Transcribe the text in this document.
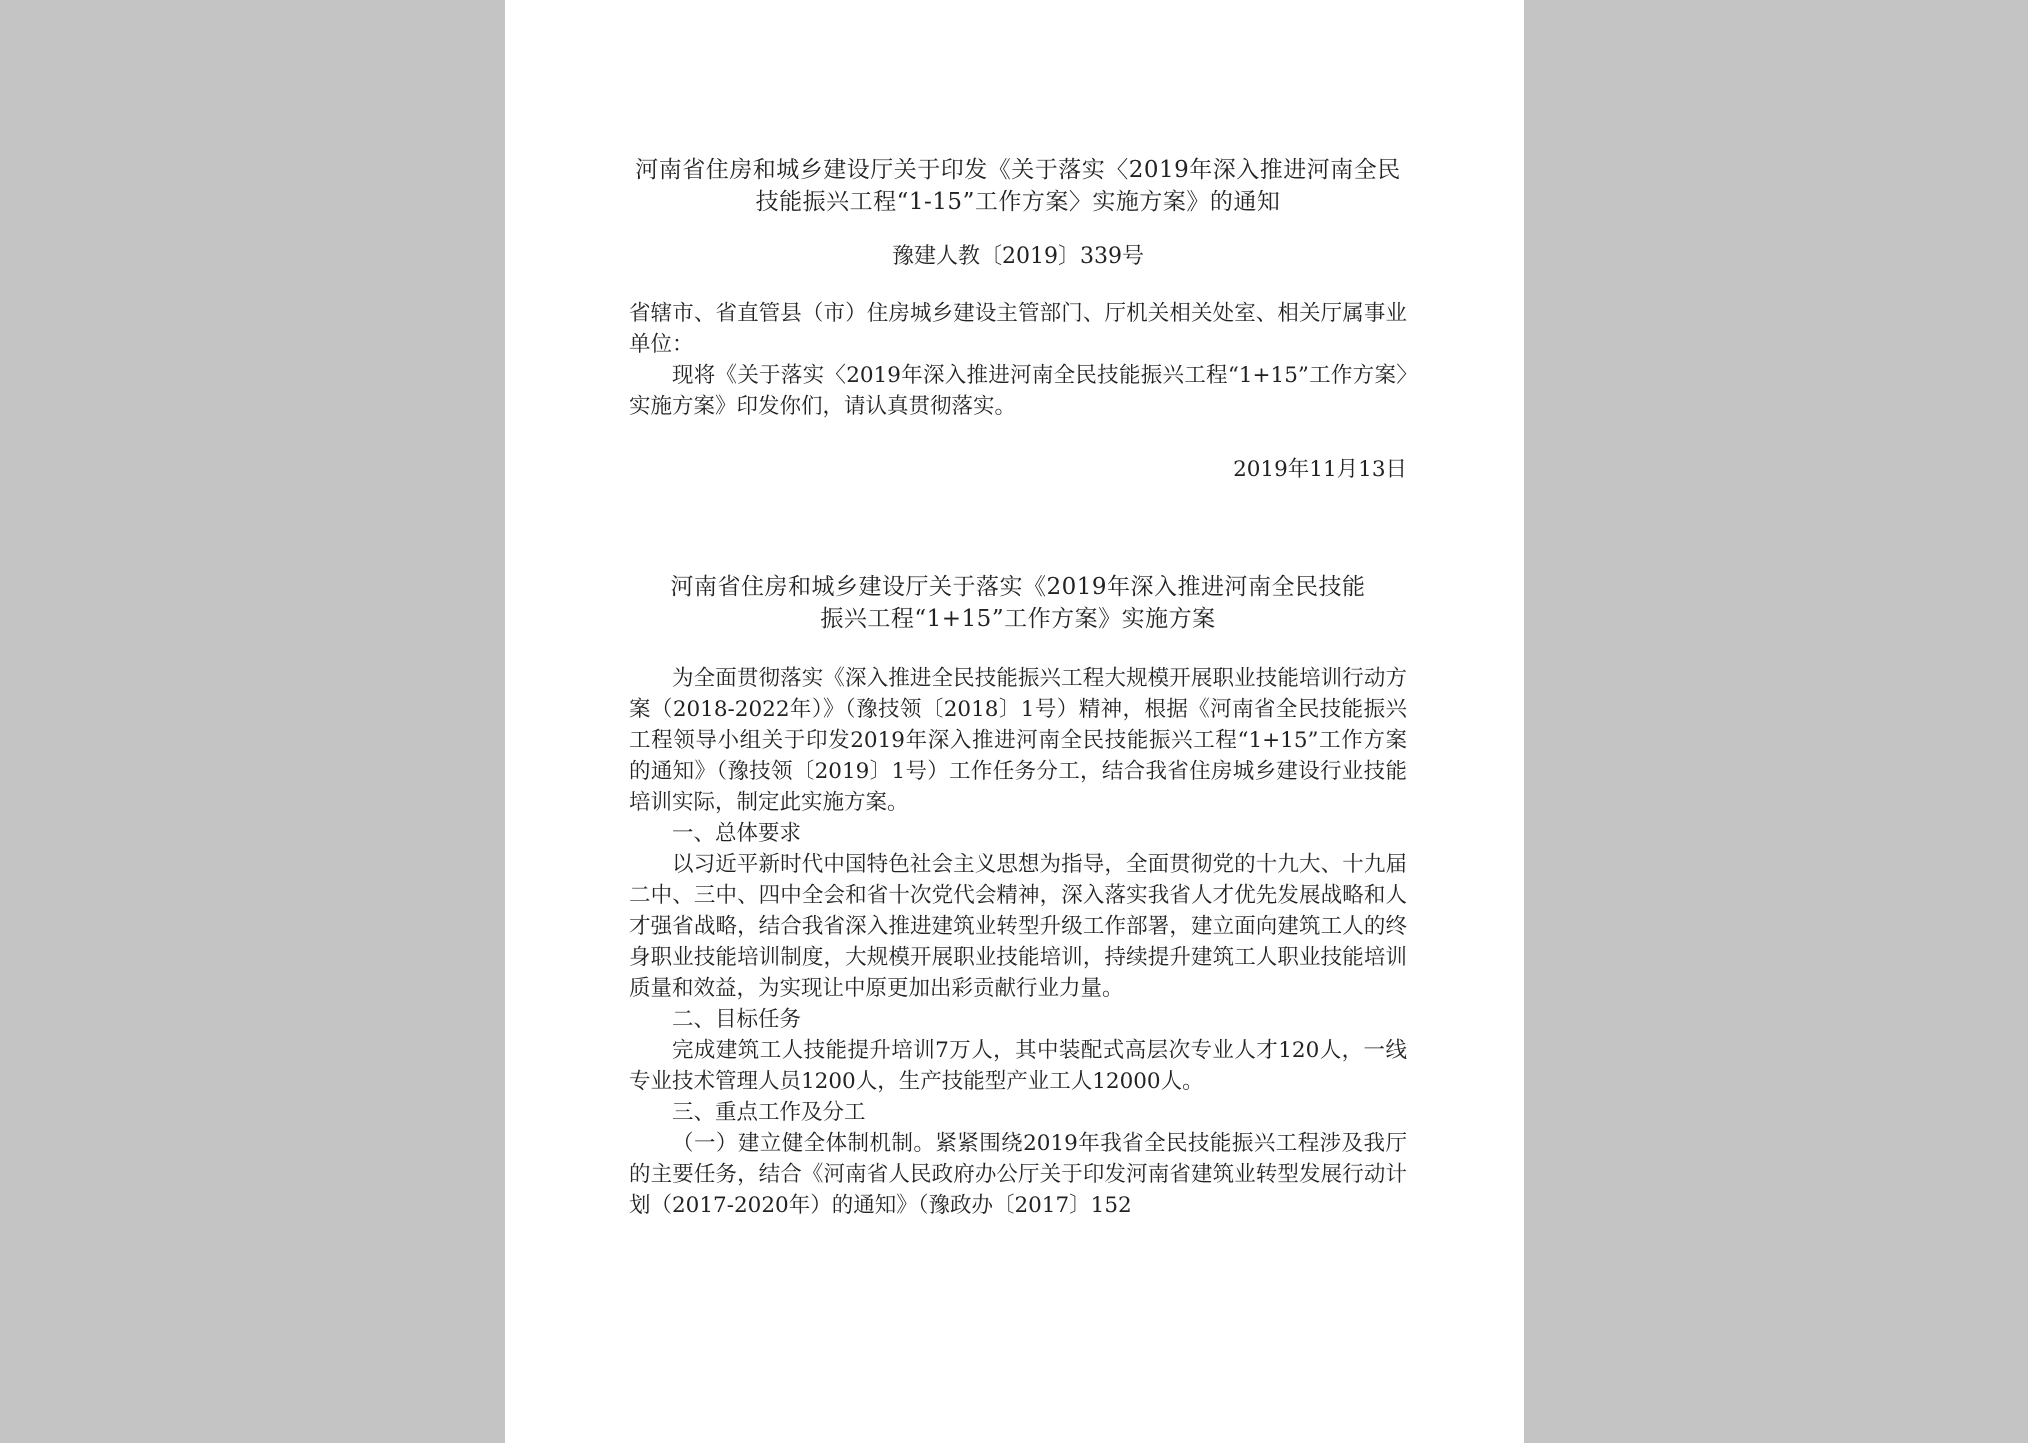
河南省住房和城乡建设厅关于印发《关于落实〈2019年深入推进河南全民

技能振兴工程“1-15”工作方案〉实施方案》的通知

豫建人教〔2019〕339号

省辖市、省直管县（市）住房城乡建设主管部门、厅机关相关处室、相关厅属事业单位：

现将《关于落实〈2019年深入推进河南全民技能振兴工程“1+15”工作方案〉实施方案》印发你们，请认真贯彻落实。

2019年11月13日

河南省住房和城乡建设厅关于落实《2019年深入推进河南全民技能

振兴工程“1+15”工作方案》实施方案

为全面贯彻落实《深入推进全民技能振兴工程大规模开展职业技能培训行动方案（2018-2022年）》（豫技领〔2018〕1号）精神，根据《河南省全民技能振兴工程领导小组关于印发2019年深入推进河南全民技能振兴工程“1+15”工作方案的通知》（豫技领〔2019〕1号）工作任务分工，结合我省住房城乡建设行业技能培训实际，制定此实施方案。

一、总体要求

以习近平新时代中国特色社会主义思想为指导，全面贯彻党的十九大、十九届二中、三中、四中全会和省十次党代会精神，深入落实我省人才优先发展战略和人才强省战略，结合我省深入推进建筑业转型升级工作部署，建立面向建筑工人的终身职业技能培训制度，大规模开展职业技能培训，持续提升建筑工人职业技能培训质量和效益，为实现让中原更加出彩贡献行业力量。

二、目标任务

完成建筑工人技能提升培训7万人，其中装配式高层次专业人才120人，一线专业技术管理人员1200人，生产技能型产业工人12000人。

三、重点工作及分工

（一）建立健全体制机制。紧紧围绕2019年我省全民技能振兴工程涉及我厅的主要任务，结合《河南省人民政府办公厅关于印发河南省建筑业转型发展行动计划（2017-2020年）的通知》（豫政办〔2017〕152
